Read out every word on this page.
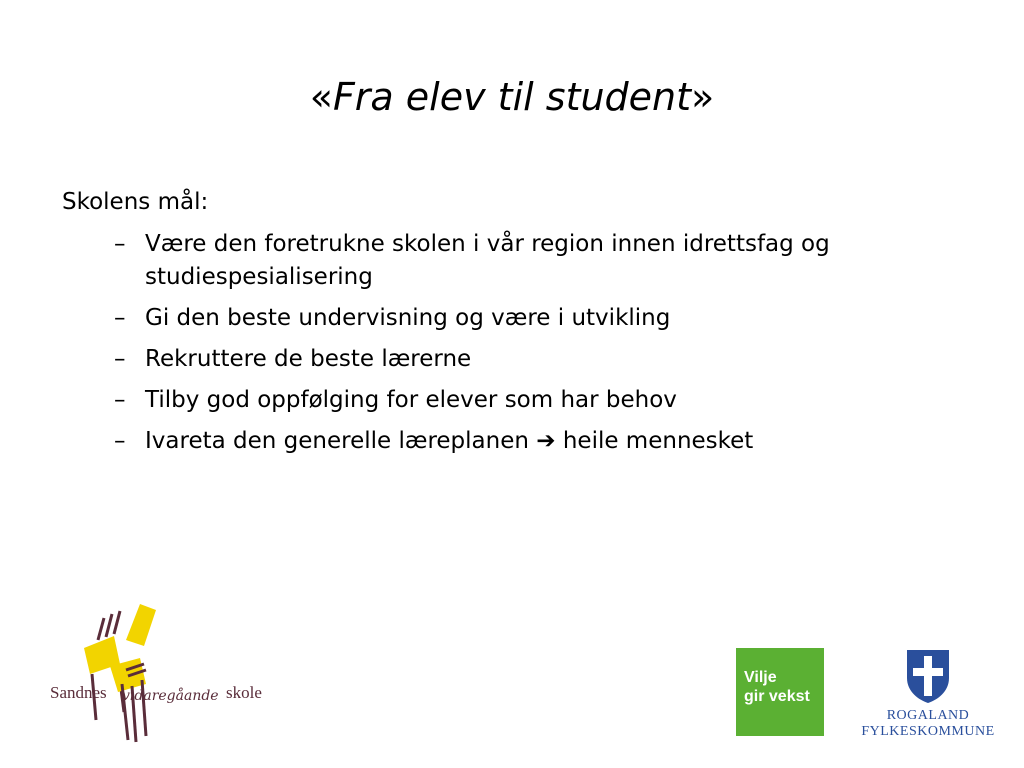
«Fra elev til student»
Skolens mål:
– Være den foretrukne skolen i vår region innen idrettsfag og studiespesialisering
– Gi den beste undervisning og være i utvikling
– Rekruttere de beste lærerne
– Tilby god oppfølging for elever som har behov
– Ivareta den generelle læreplanen ➔ heile mennesket
Sandnes vidaregåande skole
Vilje
gir vekst
ROGALAND
FYLKESKOMMUNE
